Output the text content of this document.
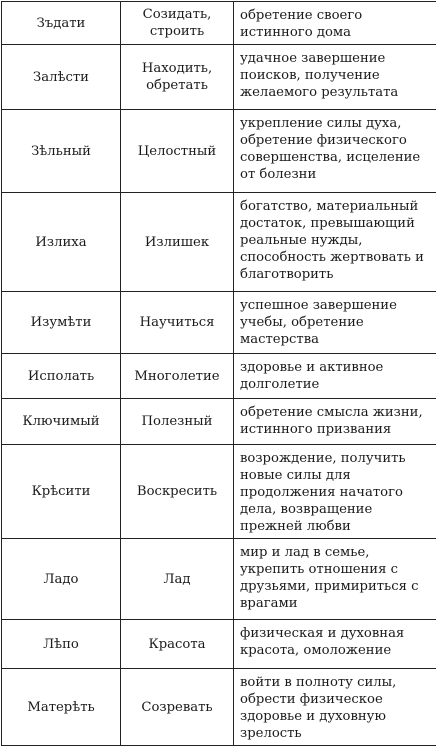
Зъдати	Созидать, строить	обретение своего истинного дома

Залѣсти	Находить, обретать	удачное завершение поисков, получение желаемого результата

Зѣльный	Целостный	укрепление силы духа, обретение физического совершенства, исцеление от болезни

Излиха	Излишек	богатство, материальный достаток, превышающий реальные нужды, способность жертвовать и благотворить

Изумѣти	Научиться	успешное завершение учебы, обретение мастерства

Исполать	Многолетие	здоровье и активное долголетие

Ключимый	Полезный	обретение смысла жизни, истинного призвания

Крѣсити	Воскресить	возрождение, получить новые силы для продолжения начатого дела, возвращение прежней любви

Ладо	Лад	мир и лад в семье, укрепить отношения с друзьями, примириться с врагами

Лѣпо	Красота	физическая и духовная красота, омоложение

Матерѣть	Созревать	войти в полноту силы, обрести физическое здоровье и духовную зрелость
